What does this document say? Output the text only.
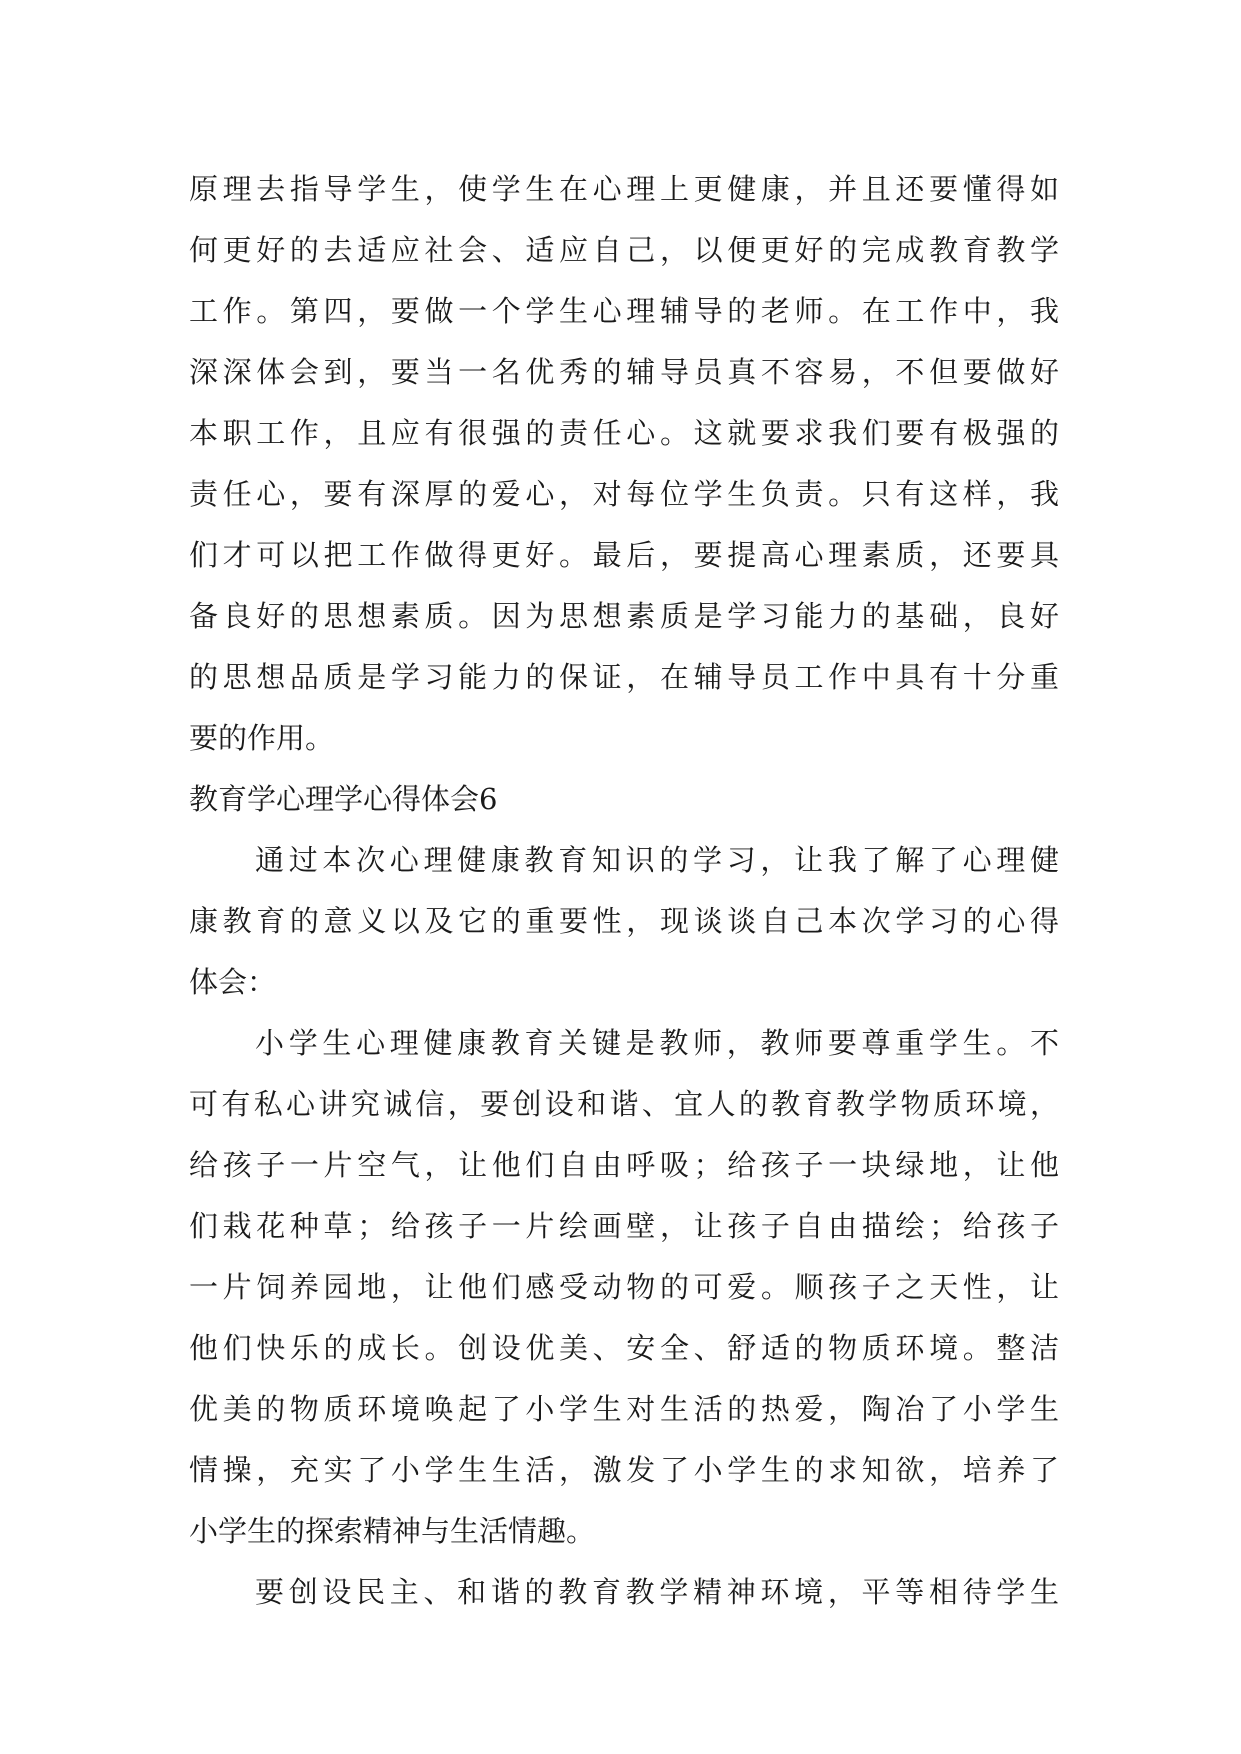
原理去指导学生，使学生在心理上更健康，并且还要懂得如
何更好的去适应社会、适应自己，以便更好的完成教育教学
工作。第四，要做一个学生心理辅导的老师。在工作中，我
深深体会到，要当一名优秀的辅导员真不容易，不但要做好
本职工作，且应有很强的责任心。这就要求我们要有极强的
责任心，要有深厚的爱心，对每位学生负责。只有这样，我
们才可以把工作做得更好。最后，要提高心理素质，还要具
备良好的思想素质。因为思想素质是学习能力的基础，良好
的思想品质是学习能力的保证，在辅导员工作中具有十分重
要的作用。
教育学心理学心得体会6
通过本次心理健康教育知识的学习，让我了解了心理健
康教育的意义以及它的重要性，现谈谈自己本次学习的心得
体会：
小学生心理健康教育关键是教师，教师要尊重学生。不
可有私心讲究诚信，要创设和谐、宜人的教育教学物质环境，
给孩子一片空气，让他们自由呼吸；给孩子一块绿地，让他
们栽花种草；给孩子一片绘画壁，让孩子自由描绘；给孩子
一片饲养园地，让他们感受动物的可爱。顺孩子之天性，让
他们快乐的成长。创设优美、安全、舒适的物质环境。整洁
优美的物质环境唤起了小学生对生活的热爱，陶冶了小学生
情操，充实了小学生生活，激发了小学生的求知欲，培养了
小学生的探索精神与生活情趣。
要创设民主、和谐的教育教学精神环境，平等相待学生
